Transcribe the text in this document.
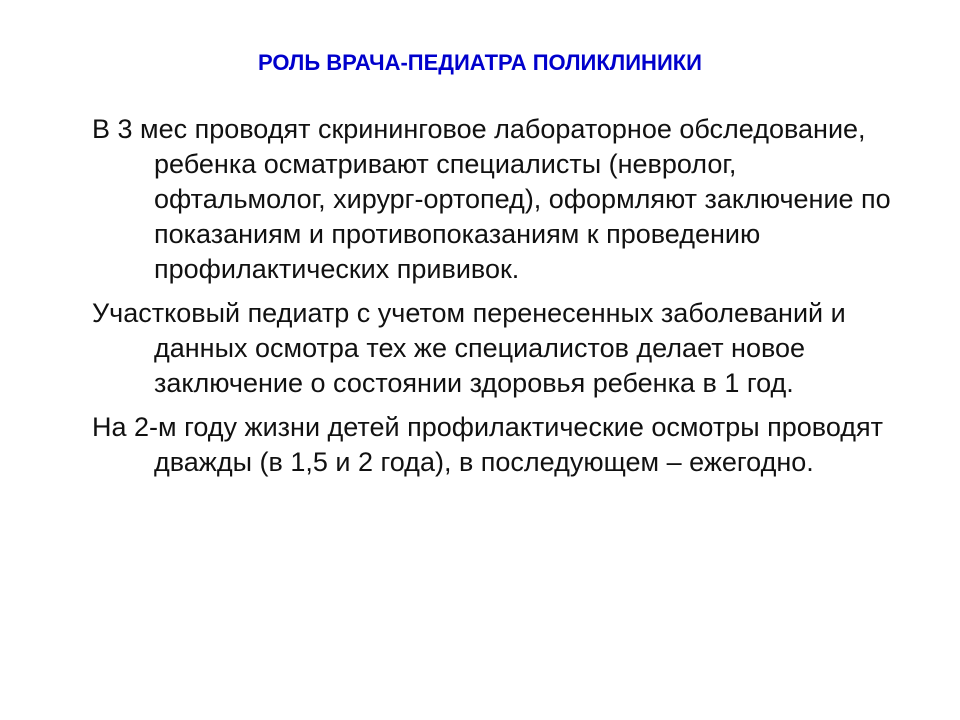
РОЛЬ ВРАЧА-ПЕДИАТРА ПОЛИКЛИНИКИ

В 3 мес проводят скрининговое лабораторное обследование, ребенка осматривают специалисты (невролог, офтальмолог, хирург-ортопед), оформляют заключение по показаниям и противопоказаниям к проведению профилактических прививок.

Участковый педиатр с учетом перенесенных заболеваний и данных осмотра тех же специалистов делает новое заключение о состоянии здоровья ребенка в 1 год.

На 2-м году жизни детей профилактические осмотры проводят дважды (в 1,5 и 2 года), в последующем – ежегодно.
